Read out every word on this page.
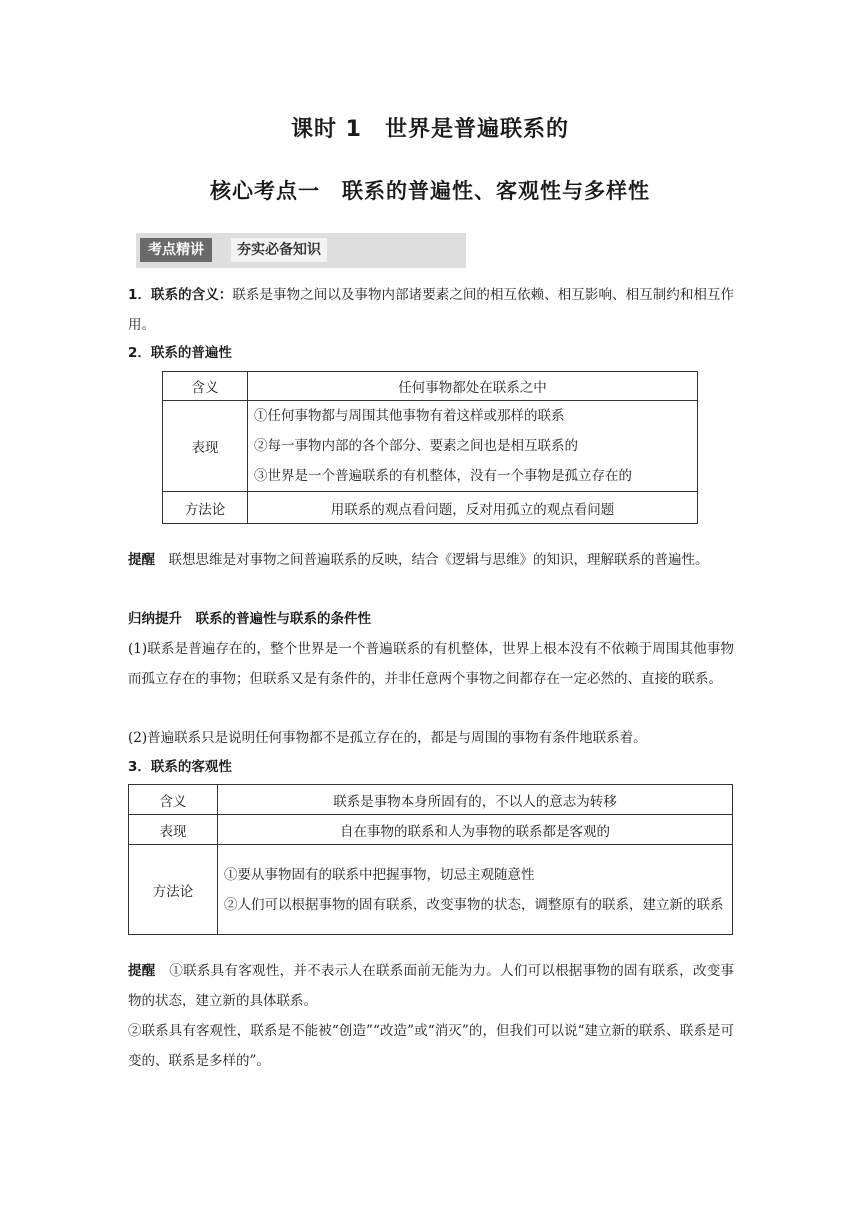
课时 1　世界是普遍联系的
核心考点一　联系的普遍性、客观性与多样性
考点精讲	夯实必备知识
1．联系的含义：联系是事物之间以及事物内部诸要素之间的相互依赖、相互影响、相互制约和相互作用。
2．联系的普遍性
含义	任何事物都处在联系之中
表现	①任何事物都与周围其他事物有着这样或那样的联系
②每一事物内部的各个部分、要素之间也是相互联系的
③世界是一个普遍联系的有机整体，没有一个事物是孤立存在的

方法论	用联系的观点看问题，反对用孤立的观点看问题
提醒　 联想思维是对事物之间普遍联系的反映，结合《逻辑与思维》的知识，理解联系的普遍性。
归纳提升　联系的普遍性与联系的条件性
(1)联系是普遍存在的，整个世界是一个普遍联系的有机整体，世界上根本没有不依赖于周围其他事物而孤立存在的事物；但联系又是有条件的，并非任意两个事物之间都存在一定必然的、直接的联系。
(2)普遍联系只是说明任何事物都不是孤立存在的，都是与周围的事物有条件地联系着。
3．联系的客观性
含义	联系是事物本身所固有的，不以人的意志为转移
表现	自在事物的联系和人为事物的联系都是客观的
方法论	①要从事物固有的联系中把握事物，切忌主观随意性
②人们可以根据事物的固有联系，改变事物的状态，调整原有的联系，建立新的联系
提醒　 ①联系具有客观性，并不表示人在联系面前无能为力。人们可以根据事物的固有联系，改变事物的状态，建立新的具体联系。
②联系具有客观性，联系是不能被“创造”“改造”或“消灭”的，但我们可以说“建立新的联系、联系是可变的、联系是多样的”。
